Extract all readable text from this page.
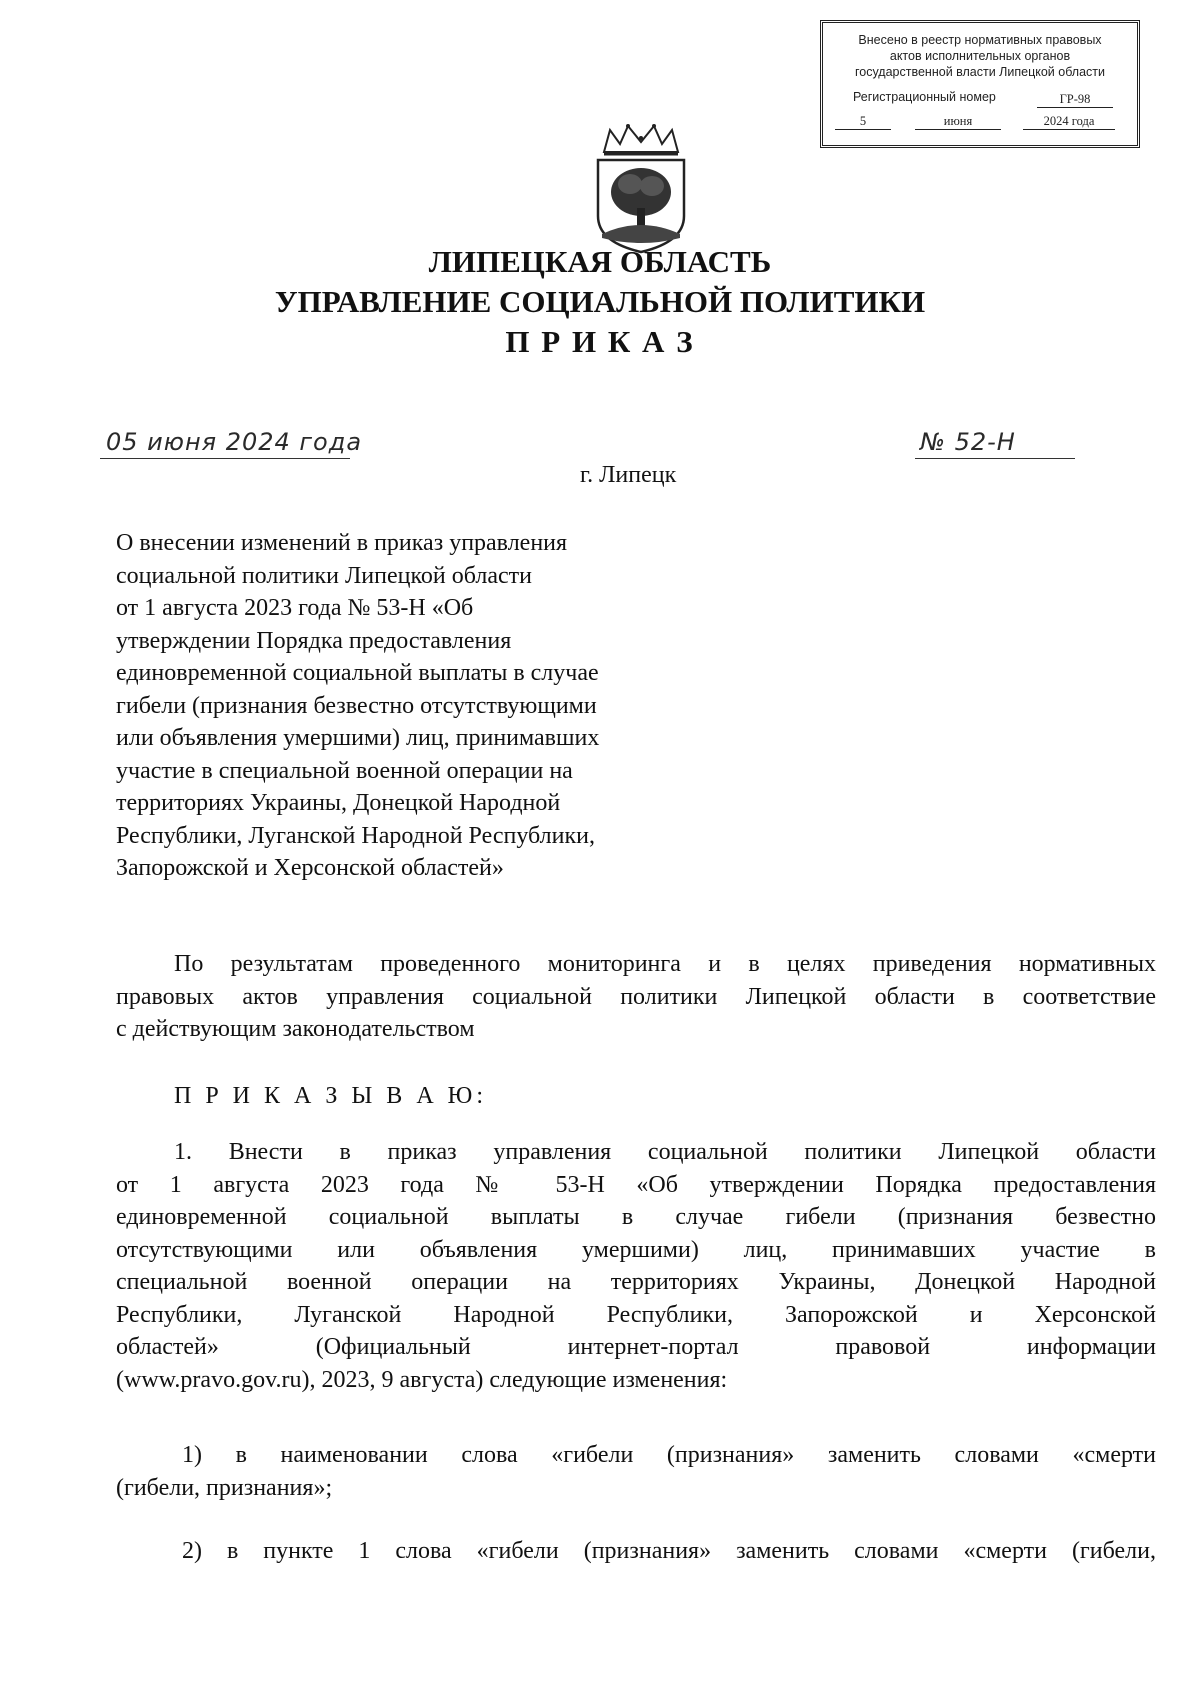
Внесено в реестр нормативных правовых
актов исполнительных органов
государственной власти Липецкой области
Регистрационный номер	ГР-98
5	июня	2024 года
ЛИПЕЦКАЯ ОБЛАСТЬ
УПРАВЛЕНИЕ СОЦИАЛЬНОЙ ПОЛИТИКИ
П Р И К А З
05 июня 2024 года	№ 52-Н
г. Липецк
О внесении изменений в приказ управления
социальной политики Липецкой области
от 1 августа 2023 года № 53-Н «Об
утверждении Порядка предоставления
единовременной социальной выплаты в случае
гибели (признания безвестно отсутствующими
или объявления умершими) лиц, принимавших
участие в специальной военной операции на
территориях Украины, Донецкой Народной
Республики, Луганской Народной Республики,
Запорожской и Херсонской областей»
По результатам проведенного мониторинга и в целях приведения нормативных
правовых актов управления социальной политики Липецкой области в соответствие
с действующим законодательством
П Р И К А З Ы В А Ю:
1. Внести в приказ управления социальной политики Липецкой области
от 1 августа 2023 года № 53-Н «Об утверждении Порядка предоставления
единовременной социальной выплаты в случае гибели (признания безвестно
отсутствующими или объявления умершими) лиц, принимавших участие в
специальной военной операции на территориях Украины, Донецкой Народной
Республики, Луганской Народной Республики, Запорожской и Херсонской
областей» (Официальный интернет-портал правовой информации
(www.pravo.gov.ru), 2023, 9 августа) следующие изменения:
1) в наименовании слова «гибели (признания» заменить словами «смерти
(гибели, признания»;
2) в пункте 1 слова «гибели (признания» заменить словами «смерти (гибели,
